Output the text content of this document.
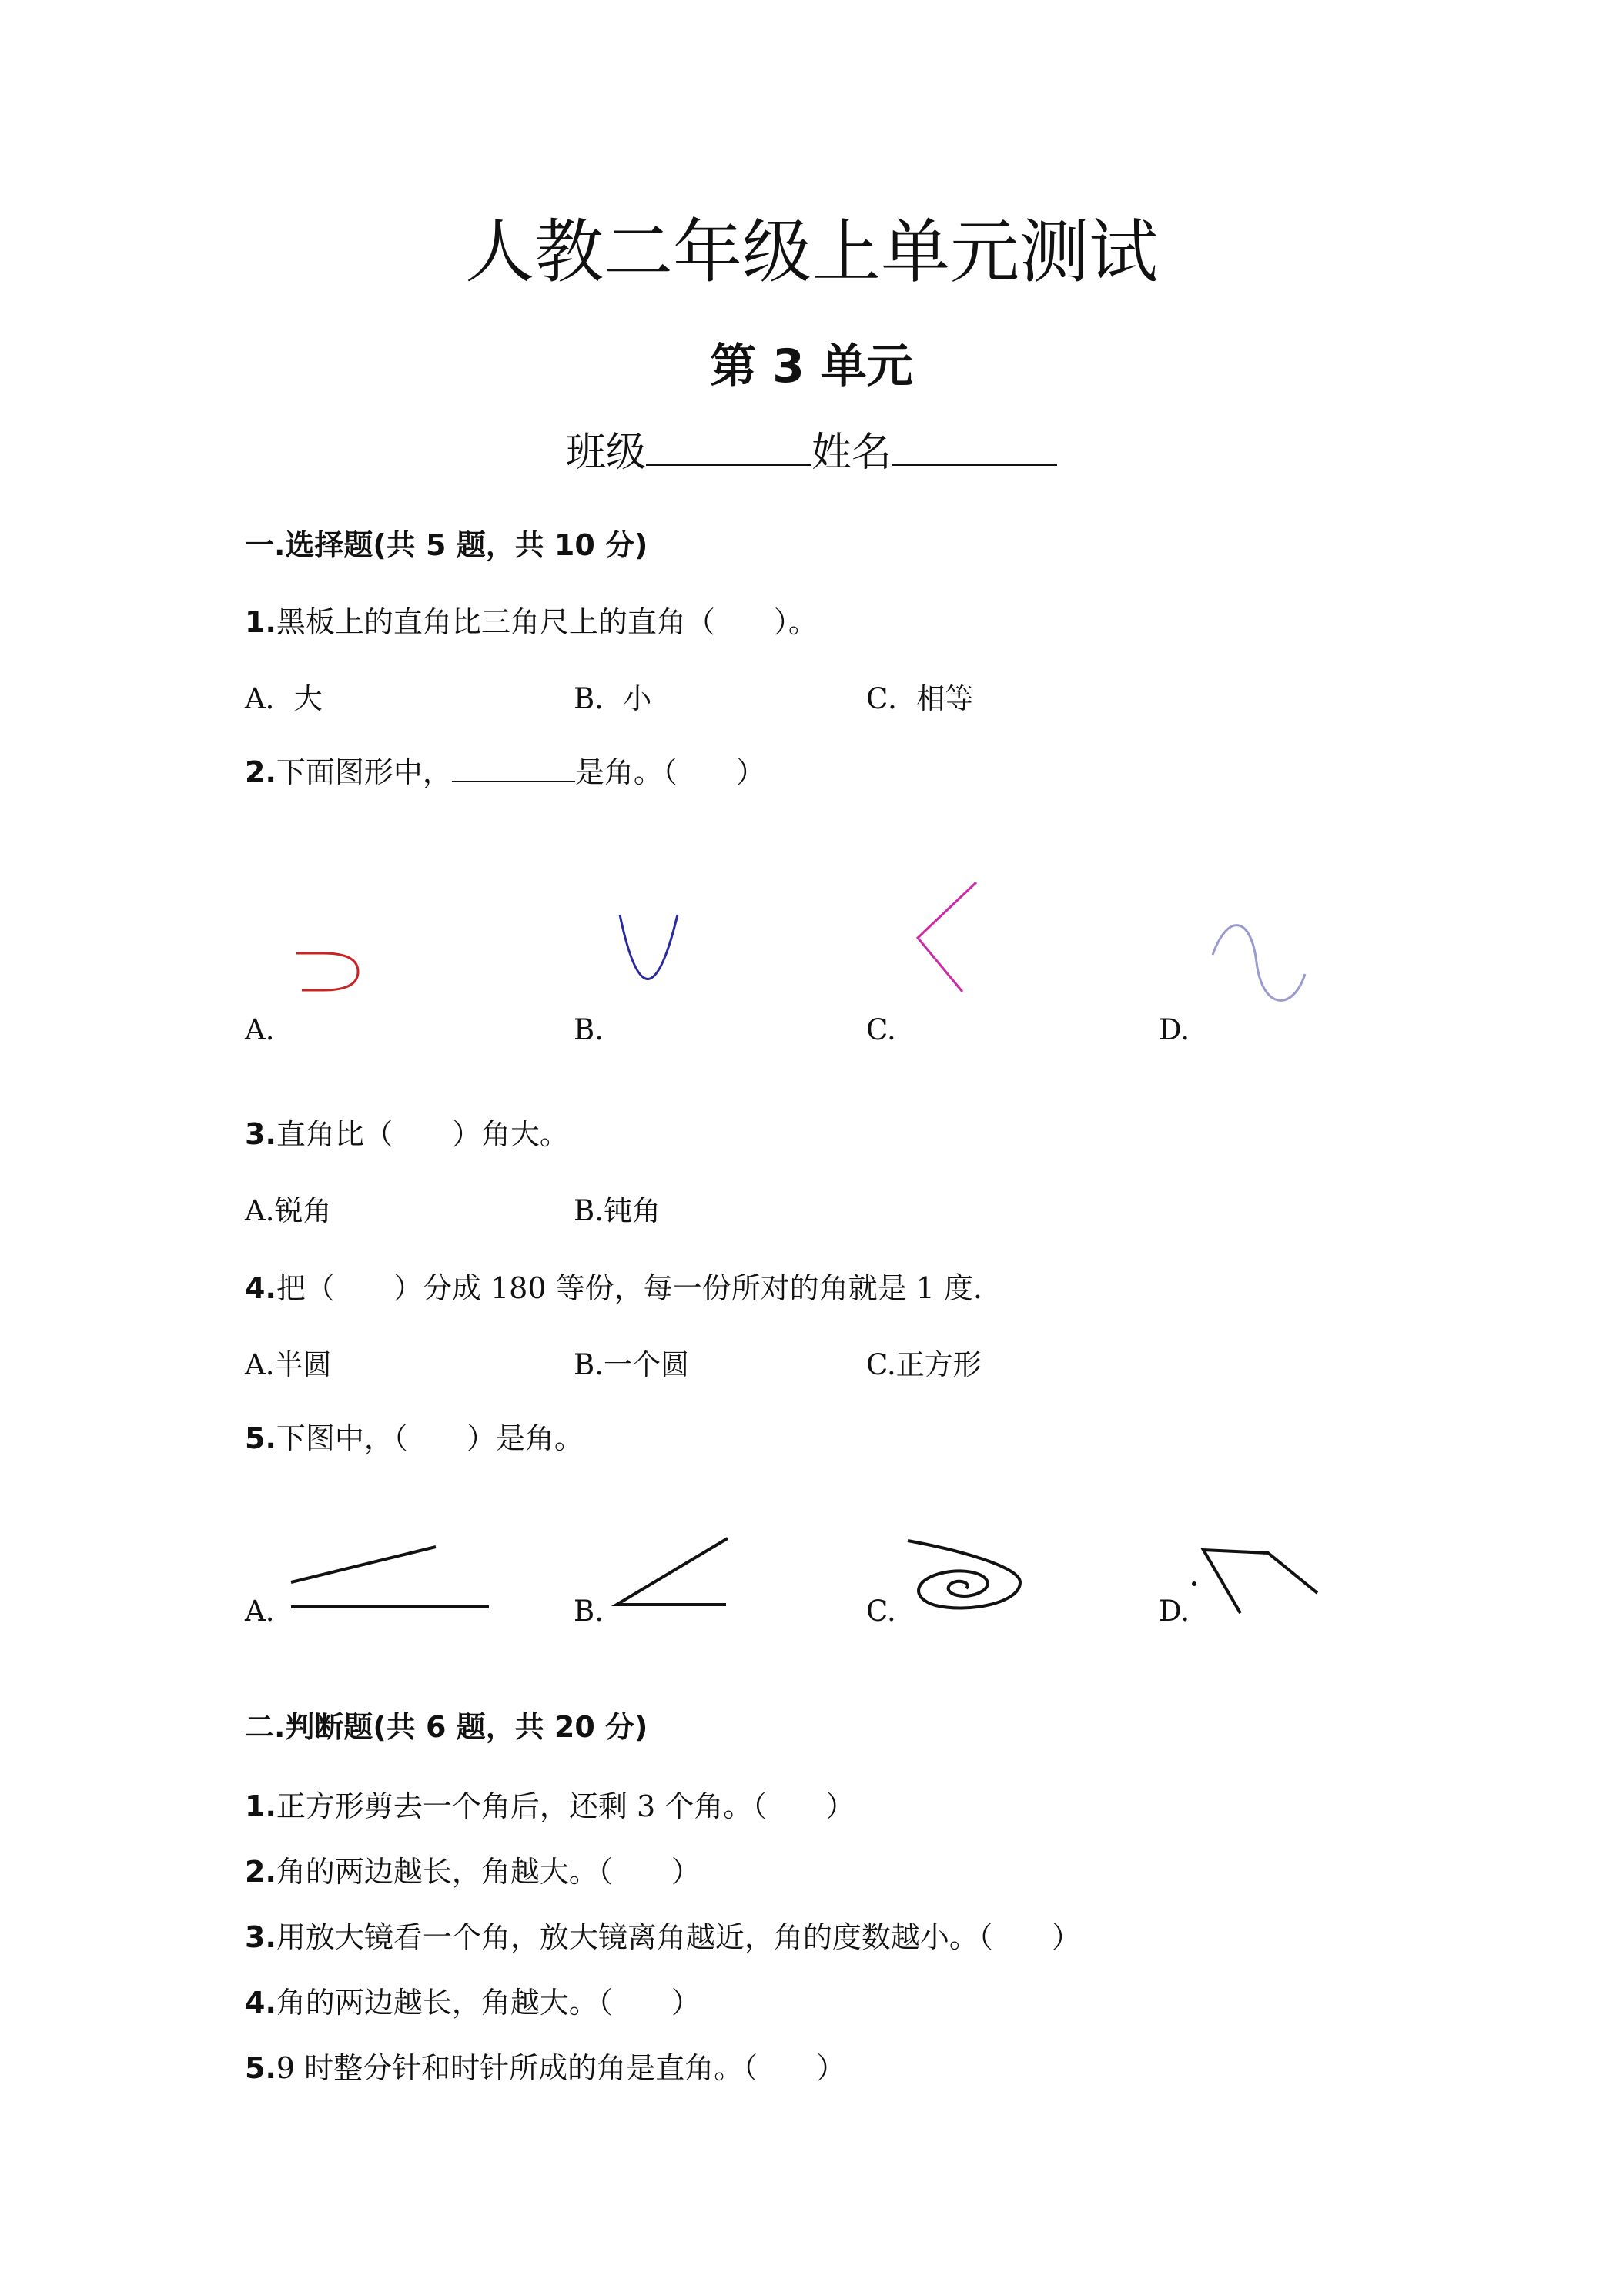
人教二年级上单元测试
第 3 单元
班级	姓名
一.选择题(共 5 题，共 10 分)
1.黑板上的直角比三角尺上的直角（　　）。
A．大	B．小	C．相等
2.下面图形中，	是角。（　　）
A.	B.	C.	D.
3.直角比（　　）角大。
A.锐角	B.钝角
4.把（　　）分成 180 等份，每一份所对的角就是 1 度.
A.半圆	B.一个圆	C.正方形
5.下图中，（　　）是角。
A.	B.	C.	D.
二.判断题(共 6 题，共 20 分)
1.正方形剪去一个角后，还剩 3 个角。（　　）
2.角的两边越长，角越大。（　　）
3.用放大镜看一个角，放大镜离角越近，角的度数越小。（　　）
4.角的两边越长，角越大。（　　）
5.9 时整分针和时针所成的角是直角。（　　）
